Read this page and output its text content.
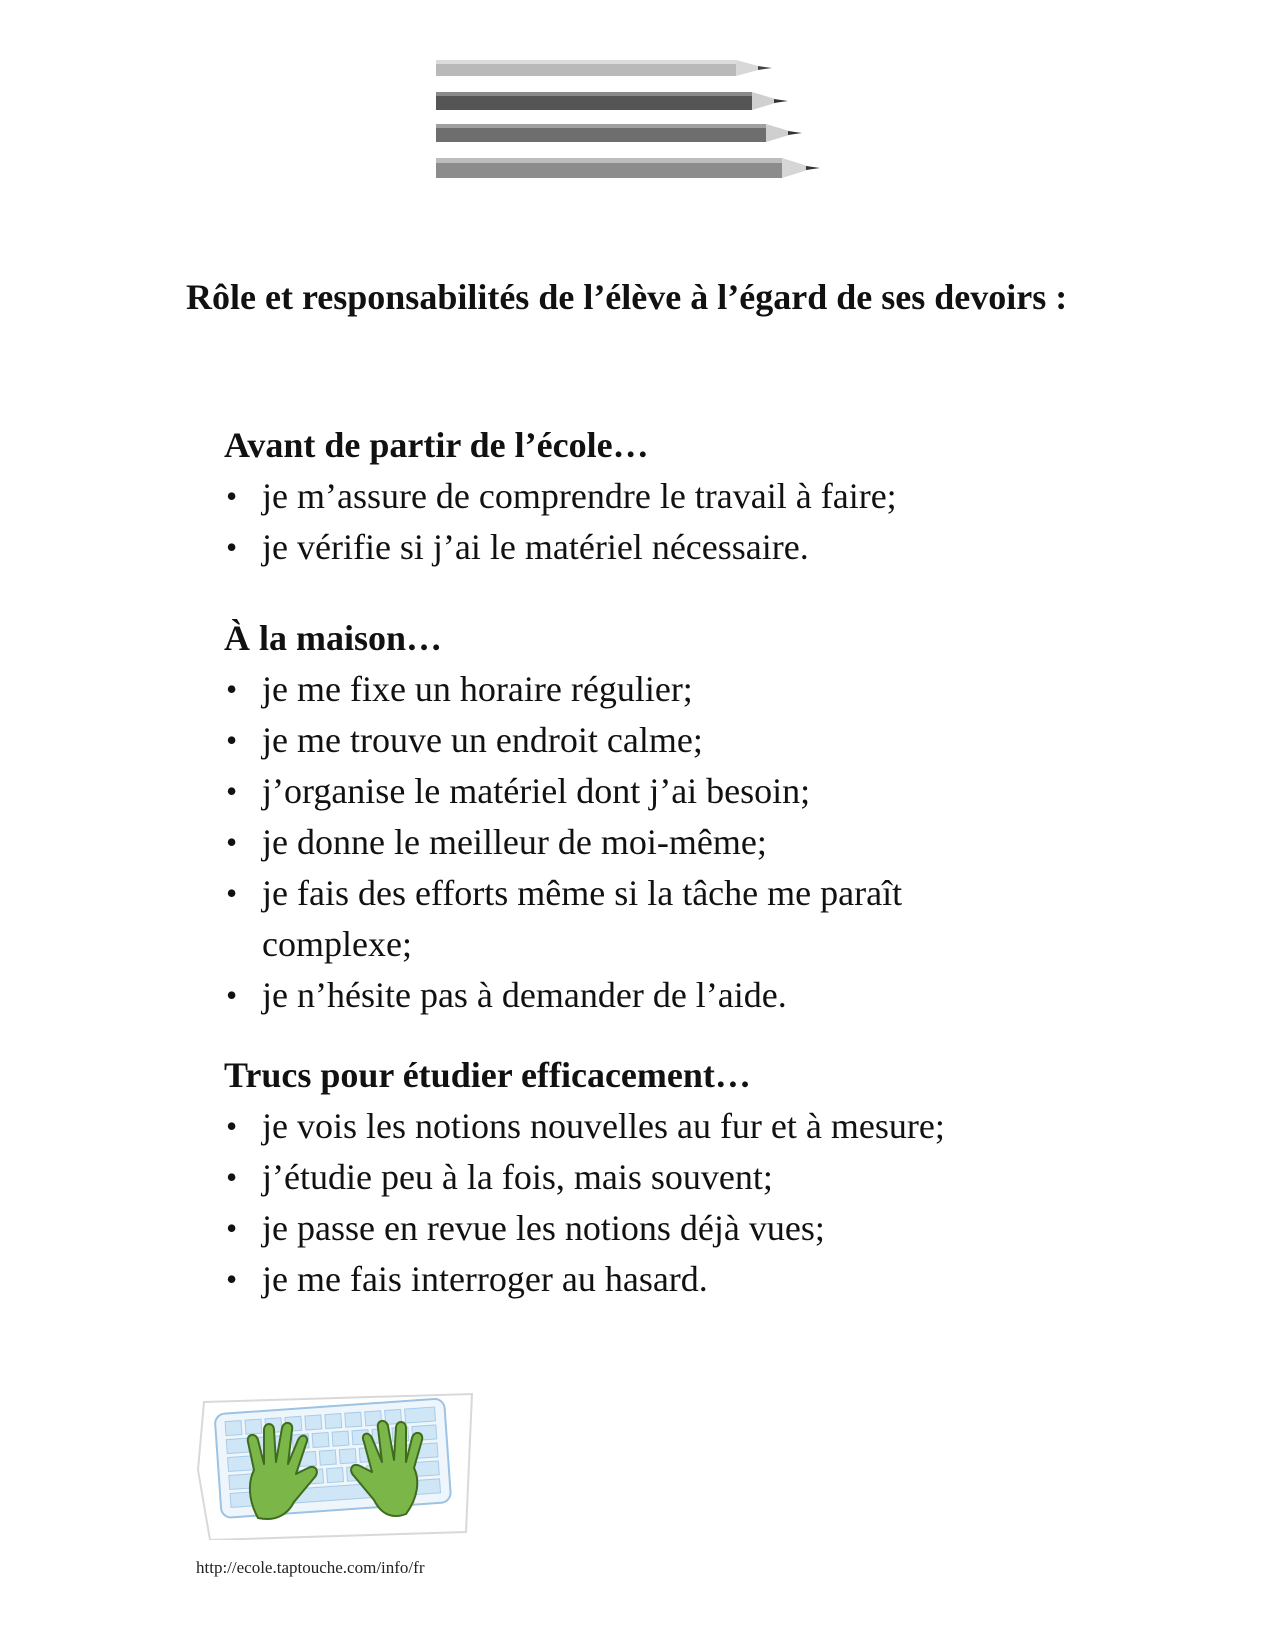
Rôle et responsabilités de l’élève à l’égard de ses devoirs :
Avant de partir de l’école…
• je m’assure de comprendre le travail à faire;
• je vérifie si j’ai le matériel nécessaire.
À la maison…
• je me fixe un horaire régulier;
• je me trouve un endroit calme;
• j’organise le matériel dont j’ai besoin;
• je donne le meilleur de moi-même;
• je fais des efforts même si la tâche me paraît complexe;
• je n’hésite pas à demander de l’aide.
Trucs pour étudier efficacement…
• je vois les notions nouvelles au fur et à mesure;
• j’étudie peu à la fois, mais souvent;
• je passe en revue les notions déjà vues;
• je me fais interroger au hasard.
http://ecole.taptouche.com/info/fr
